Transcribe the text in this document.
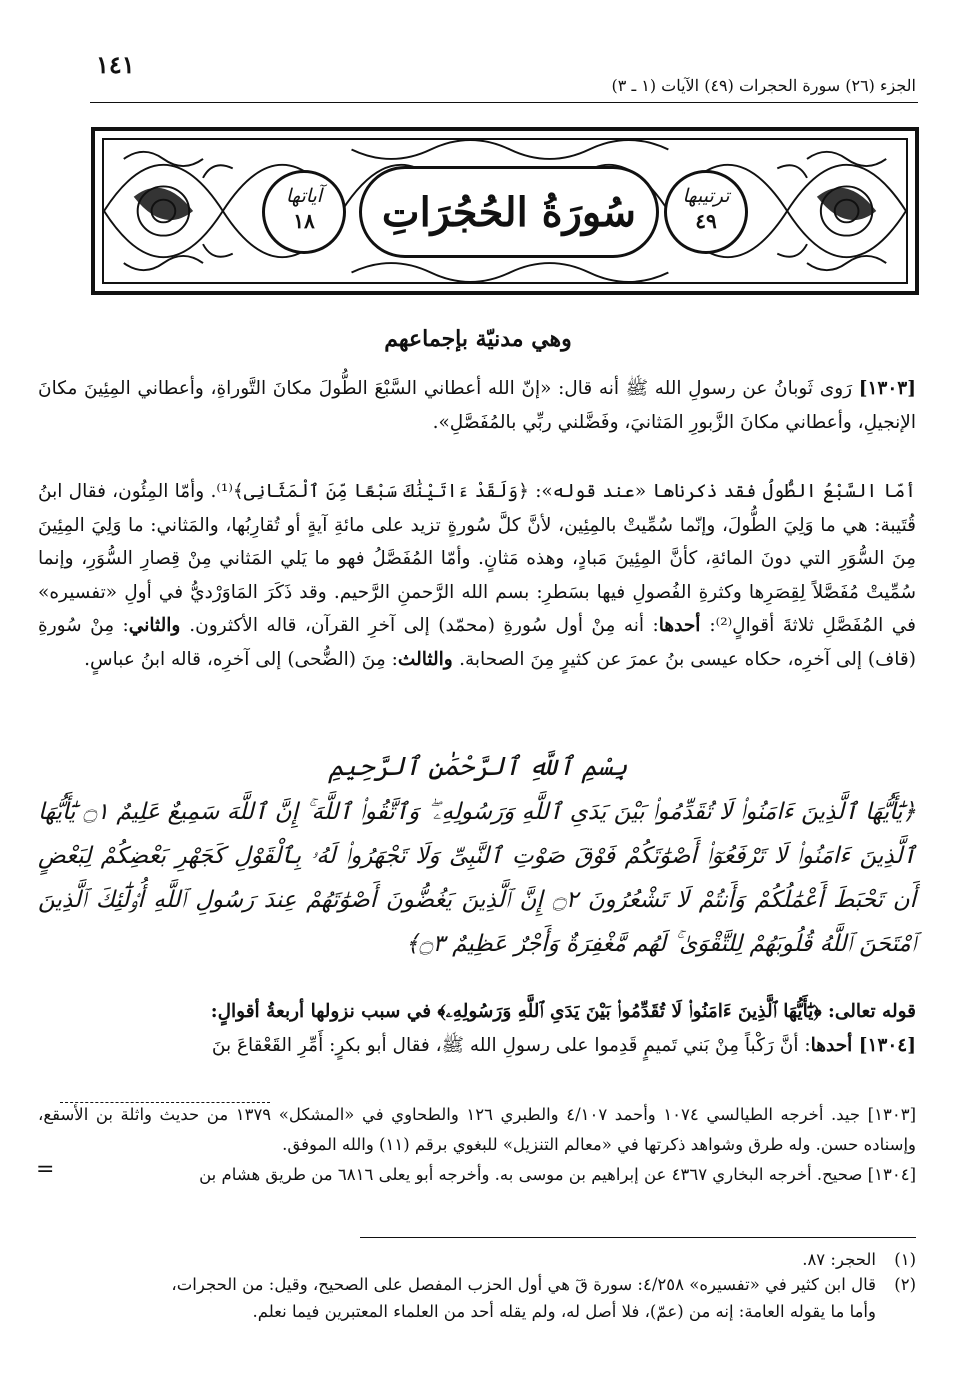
١٤١
الجزء (٢٦) سورة الحجرات (٤٩) الآيات (١ ـ ٣)
ترتيبها
٤٩
سُورَةُ الحُجُرَاتِ
آياتها
١٨
وهي مدنيّة بإجماعهم

[١٣٠٣] رَوى ثَوبانُ عن رسولِ الله ﷺ أنه قال: «إنّ الله أعطاني السَّبْعَ الطُّولَ مكانَ التَّوراةِ، وأعطاني المِئِينَ مكانَ الإنجيلِ، وأعطاني مكانَ الزَّبورِ المَثانيَ، وفَضَّلني ربِّي بالمُفَصَّلِ».

أمّا السَّبْعُ الطُّولُ فقد ذكرناها «عند قوله»: ﴿وَلَقَدْ ءَاتَيْنَٰكَ سَبْعًا مِّنَ ٱلْمَثَانِى﴾⁽¹⁾. وأمّا المِئُون، فقال ابنُ قُتَيبة: هي ما وَلِيَ الطُّولَ، وإنّما سُمِّيتْ بالمِئِين، لأنَّ كلَّ سُورةٍ تزيد على مائةِ آيةٍ أو تُقارِبُها، والمَثاني: ما وَلِيَ المِئِينَ مِنَ السُّوَرِ التي دونَ المائةِ، كأنَّ المِئِينَ مَبادٍ، وهذه مَثانٍ. وأمّا المُفَصَّلُ فهو ما يَلي المَثاني مِنْ قِصارِ السُّوَرِ، وإنما سُمِّيتْ مُفَصَّلاً لِقِصَرِها وكثرةِ الفُصولِ فيها بسَطرِ: بسم الله الرَّحمنِ الرَّحيم. وقد ذَكَرَ المَاوَرْديُّ في أولِ «تفسيره» في المُفَصَّلِ ثلاثةَ أقوالٍ⁽²⁾: أحدها: أنه مِنْ أول سُورةِ (محمّد) إلى آخرِ القرآن، قاله الأكثرون. والثاني: مِنْ سُورةِ (قاف) إلى آخرِه، حكاه عيسى بنُ عمرَ عن كثيرٍ مِنَ الصحابة. والثالث: مِنَ (الضُّحى) إلى آخرِه، قاله ابنُ عباسٍ.

بِسْمِ ٱللَّهِ ٱلرَّحْمَٰنِ ٱلرَّحِيمِ

﴿يَٰٓأَيُّهَا ٱلَّذِينَ ءَامَنُوا۟ لَا تُقَدِّمُوا۟ بَيْنَ يَدَىِ ٱللَّهِ وَرَسُولِهِۦ ۖ وَٱتَّقُوا۟ ٱللَّهَ ۚ إِنَّ ٱللَّهَ سَمِيعٌ عَلِيمٌ ۝١ يَٰٓأَيُّهَا ٱلَّذِينَ ءَامَنُوا۟ لَا تَرْفَعُوٓا۟ أَصْوَٰتَكُمْ فَوْقَ صَوْتِ ٱلنَّبِىِّ وَلَا تَجْهَرُوا۟ لَهُۥ بِٱلْقَوْلِ كَجَهْرِ بَعْضِكُمْ لِبَعْضٍ أَن تَحْبَطَ أَعْمَٰلُكُمْ وَأَنتُمْ لَا تَشْعُرُونَ ۝٢ إِنَّ ٱلَّذِينَ يَغُضُّونَ أَصْوَٰتَهُمْ عِندَ رَسُولِ ٱللَّهِ أُو۟لَٰٓئِكَ ٱلَّذِينَ ٱمْتَحَنَ ٱللَّهُ قُلُوبَهُمْ لِلتَّقْوَىٰ ۚ لَهُم مَّغْفِرَةٌ وَأَجْرٌ عَظِيمٌ ۝٣﴾

قوله تعالى: ﴿يَٰٓأَيُّهَا ٱلَّذِينَ ءَامَنُوا۟ لَا تُقَدِّمُوا۟ بَيْنَ يَدَىِ ٱللَّهِ وَرَسُولِهِۦ﴾ في سبب نزولها أربعةُ أقوالٍ:
[١٣٠٤] أحدها: أنَّ رَكْباً مِنْ بَني تَميمٍ قَدِموا على رسولِ الله ﷺ، فقال أبو بكرٍ: أَمِّرِ القَعْقاعَ بنَ

[١٣٠٣] جيد. أخرجه الطيالسي ١٠٧٤ وأحمد ٤/١٠٧ والطبري ١٢٦ والطحاوي في «المشكل» ١٣٧٩ من حديث واثلة بن الأسقع، وإسناده حسن. وله طرق وشواهد ذكرتها في «معالم التنزيل» للبغوي برقم (١١) والله الموفق.

[١٣٠٤] صحيح. أخرجه البخاري ٤٣٦٧ عن إبراهيم بن موسى به. وأخرجه أبو يعلى ٦٨١٦ من طريق هشام بن

=

(١)الحجر: ٨٧.

(٢)قال ابن كثير في «تفسيره» ٤/٢٥٨: سورة قٓ هي أول الحزب المفصل على الصحيح، وقيل: من الحجرات،

وأما ما يقوله العامة: إنه من (عمّ)، فلا أصل له، ولم يقله أحد من العلماء المعتبرين فيما نعلم.
